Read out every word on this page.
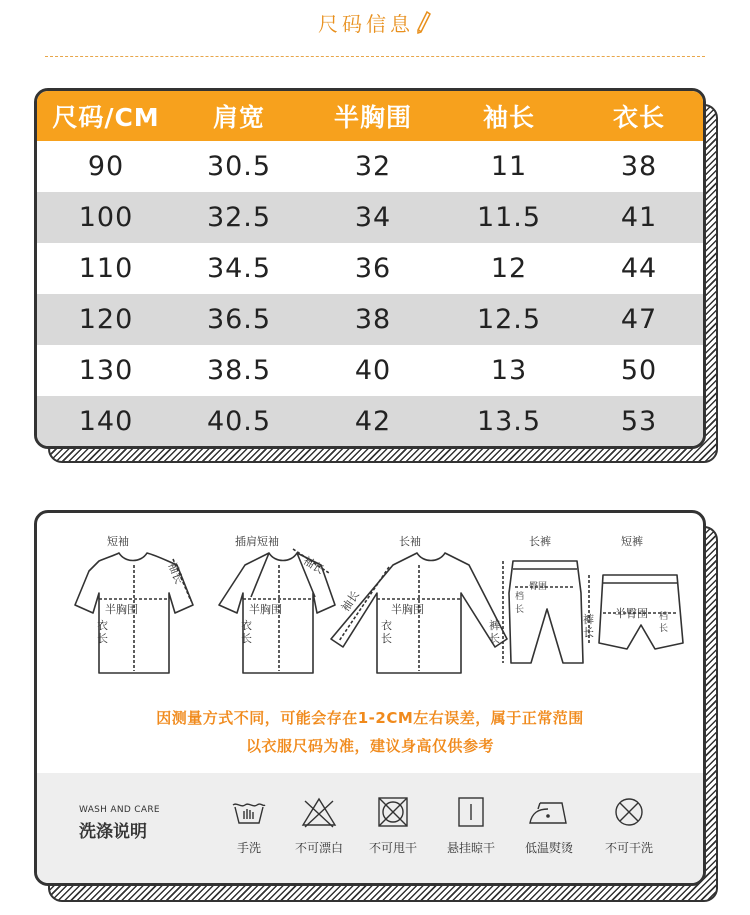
尺码信息
尺码/CM	肩宽	半胸围	袖长	衣长
90	30.5	32	11	38
100	32.5	34	11.5	41
110	34.5	36	12	44
120	36.5	38	12.5	47
130	38.5	40	13	50
140	40.5	42	13.5	53
短袖	插肩短袖	长袖	长裤	短裤
袖长
半胸围
衣长
袖长
半胸围
衣长
袖长	半胸围
衣长
臀围
裤长
档长	半臀围
裤长
档长
因测量方式不同，可能会存在1-2CM左右误差，属于正常范围
以衣服尺码为准，建议身高仅供参考
WASH AND CARE
洗涤说明
手洗	不可漂白	不可甩干	悬挂晾干	低温熨烫	不可干洗
